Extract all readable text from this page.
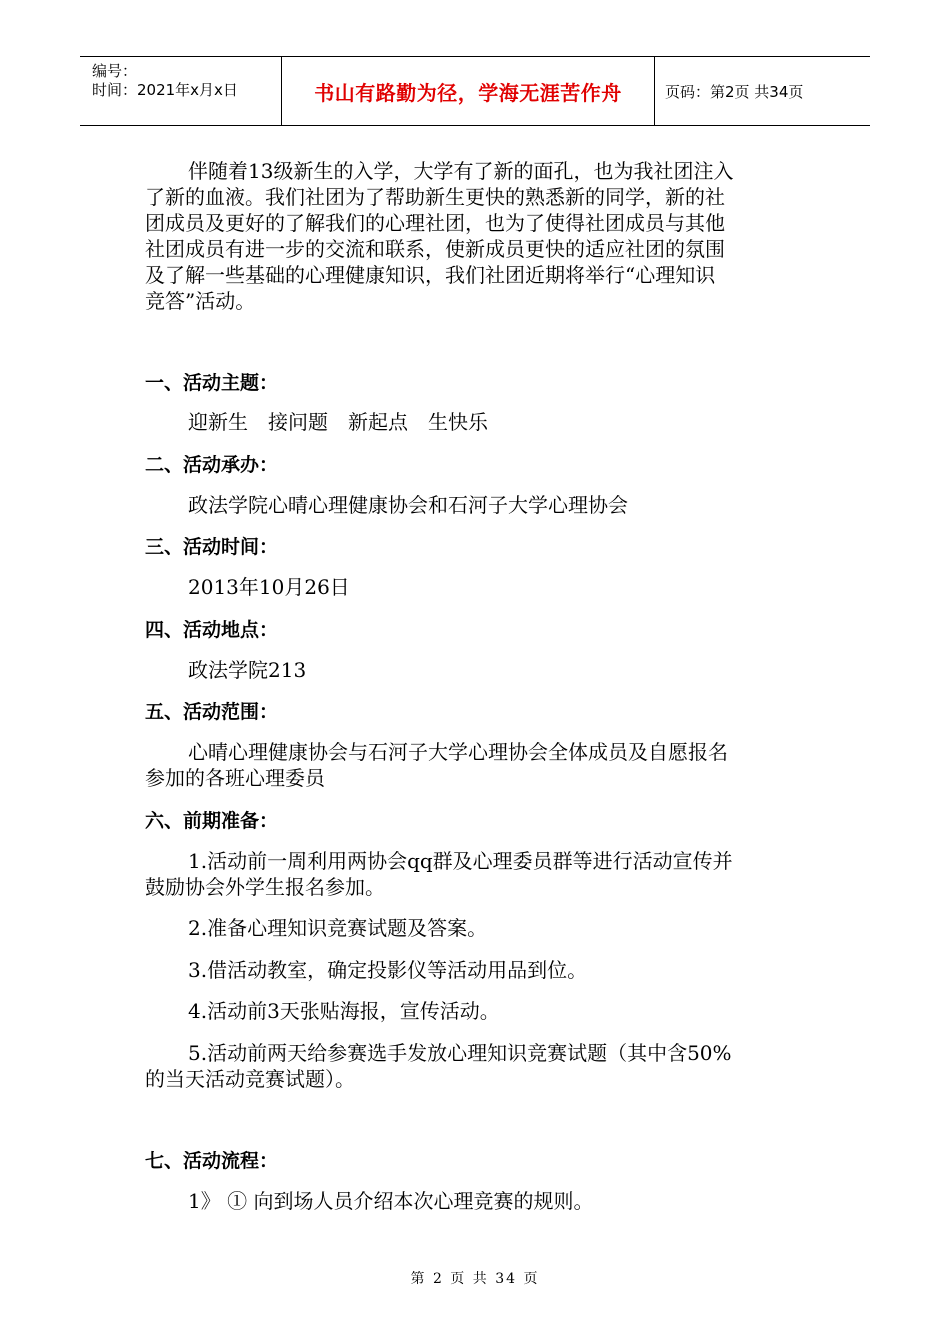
编号：
时间：2021年x月x日	书山有路勤为径，学海无涯苦作舟	页码：第2页 共34页
伴随着13级新生的入学，大学有了新的面孔，也为我社团注入
了新的血液。我们社团为了帮助新生更快的熟悉新的同学，新的社
团成员及更好的了解我们的心理社团，也为了使得社团成员与其他
社团成员有进一步的交流和联系，使新成员更快的适应社团的氛围
及了解一些基础的心理健康知识，我们社团近期将举行“心理知识
竞答”活动。
一、活动主题：
迎新生　接问题　新起点　生快乐
二、活动承办：
政法学院心晴心理健康协会和石河子大学心理协会
三、活动时间：
2013年10月26日
四、活动地点：
政法学院213
五、活动范围：
心晴心理健康协会与石河子大学心理协会全体成员及自愿报名
参加的各班心理委员
六、前期准备：
1.活动前一周利用两协会qq群及心理委员群等进行活动宣传并
鼓励协会外学生报名参加。
2.准备心理知识竞赛试题及答案。
3.借活动教室，确定投影仪等活动用品到位。
4.活动前3天张贴海报，宣传活动。
5.活动前两天给参赛选手发放心理知识竞赛试题（其中含50%
的当天活动竞赛试题）。
七、活动流程：
1》 ① 向到场人员介绍本次心理竞赛的规则。
第 2 页 共 34 页
